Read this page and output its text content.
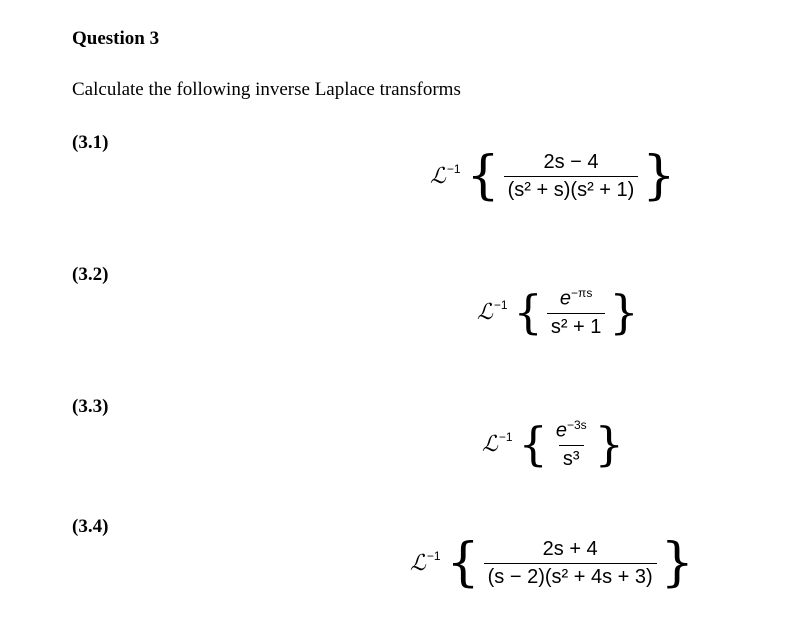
Question 3
Calculate the following inverse Laplace transforms
(3.1)
ℒ$^{-1}$ { $\frac{2s - 4}{\text{(s² + s)(s² + 1)}}$ }
(3.2)
ℒ$^{-1}$ { $\frac{e^{-\pi s}}{\text{s² + 1}}$ }
(3.3)
ℒ$^{-1}$ { $\frac{e^{-3s}}{\text{s³}}$ }
(3.4)
ℒ$^{-1}$ { $\frac{2s + 4}{\text{(s − 2)(s² + 4s + 3)}}$ }
